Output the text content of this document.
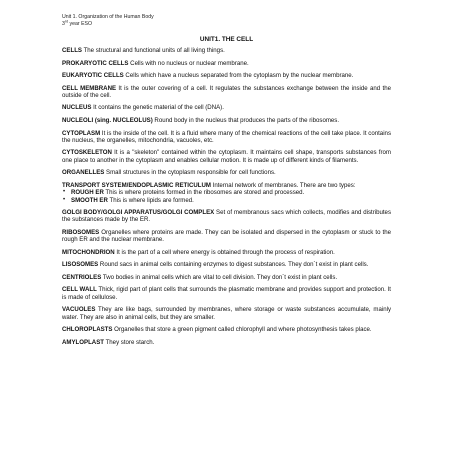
Unit 1. Organization of the Human Body
3rd year ESO
UNIT1. THE CELL
CELLS The structural and functional units of all living things.
PROKARYOTIC CELLS Cells with no nucleus or nuclear membrane.
EUKARYOTIC CELLS Cells which have a nucleus separated from the cytoplasm by the nuclear membrane.
CELL MEMBRANE It is the outer covering of a cell. It regulates the substances exchange between the inside and the outside of the cell.
NUCLEUS It contains the genetic material of the cell (DNA).
NUCLEOLI (sing. NUCLEOLUS) Round body in the nucleus that produces the parts of the ribosomes.
CYTOPLASM It is the inside of the cell. It is a fluid where many of the chemical reactions of the cell take place. It contains the nucleus, the organelles, mitochondria, vacuoles, etc.
CYTOSKELETON It is a "skeleton" contained within the cytoplasm. It maintains cell shape, transports substances from one place to another in the cytoplasm and enables cellular motion. It is made up of different kinds of filaments.
ORGANELLES Small structures in the cytoplasm responsible for cell functions.
TRANSPORT SYSTEM/ENDOPLASMIC RETICULUM Internal network of membranes. There are two types:
• ROUGH ER This is where proteins formed in the ribosomes are stored and processed.
• SMOOTH ER This is where lipids are formed.
GOLGI BODY/GOLGI APPARATUS/GOLGI COMPLEX Set of membranous sacs which collects, modifies and distributes the substances made by the ER.
RIBOSOMES Organelles where proteins are made. They can be isolated and dispersed in the cytoplasm or stuck to the rough ER and the nuclear membrane.
MITOCHONDRION It is the part of a cell where energy is obtained through the process of respiration.
LISOSOMES Round sacs in animal cells containing enzymes to digest substances. They don´t exist in plant cells.
CENTRIOLES Two bodies in animal cells which are vital to cell division. They don´t exist in plant cells.
CELL WALL Thick, rigid part of plant cells that surrounds the plasmatic membrane and provides support and protection. It is made of cellulose.
VACUOLES They are like bags, surrounded by membranes, where storage or waste substances accumulate, mainly water. They are also in animal cells, but they are smaller.
CHLOROPLASTS Organelles that store a green pigment called chlorophyll and where photosynthesis takes place.
AMYLOPLAST They store starch.
